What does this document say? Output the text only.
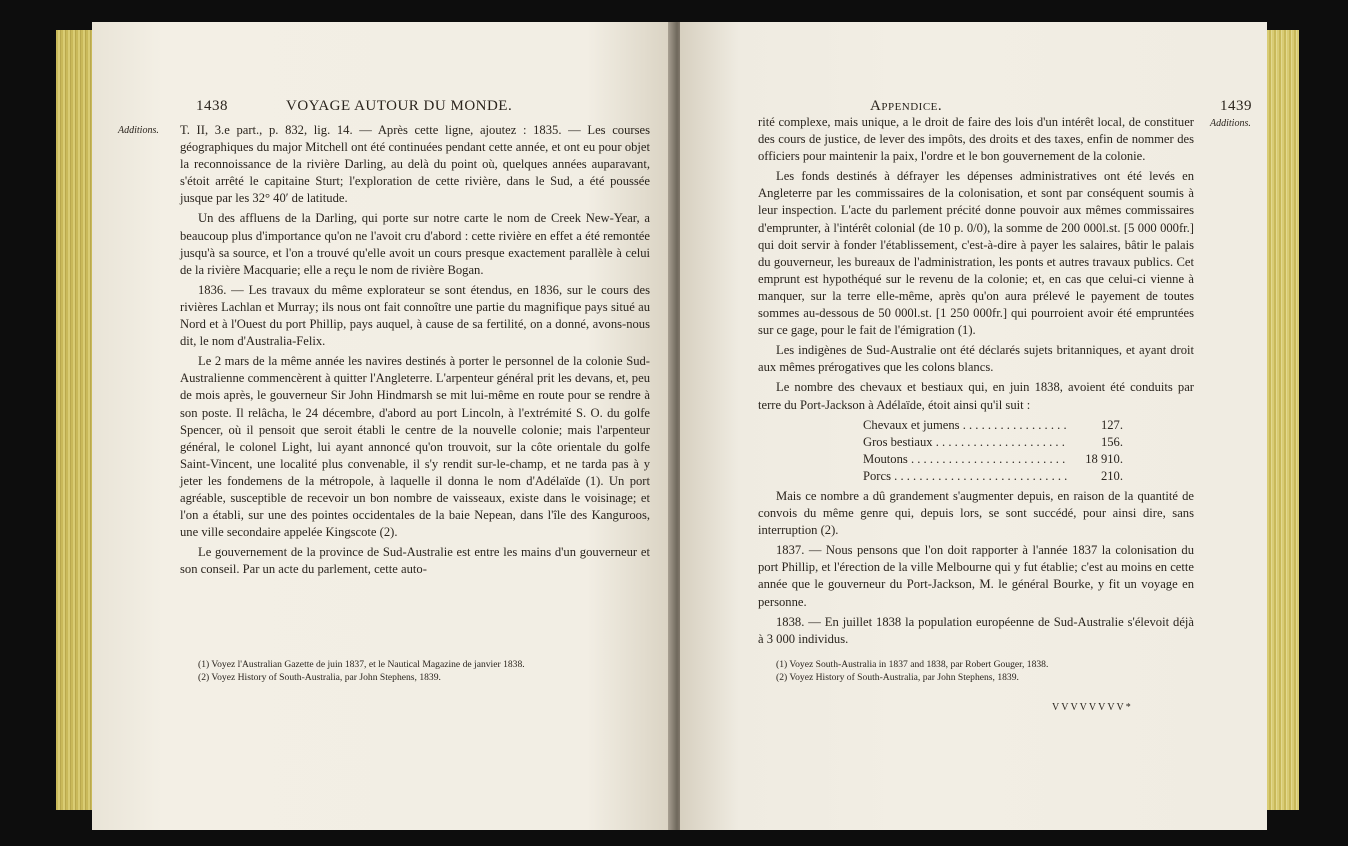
1438	VOYAGE AUTOUR DU MONDE.
Additions. T. II, 3.e part., p. 832, lig. 14. — Après cette ligne, ajoutez : 1835. — Les courses géographiques du major Mitchell ont été continuées pendant cette année, et ont eu pour objet la reconnoissance de la rivière Darling, au delà du point où, quelques années auparavant, s'étoit arrêté le capitaine Sturt; l'exploration de cette rivière, dans le Sud, a été poussée jusque par les 32° 40′ de latitude.

Un des affluens de la Darling, qui porte sur notre carte le nom de Creek New-Year, a beaucoup plus d'importance qu'on ne l'avoit cru d'abord : cette rivière en effet a été remontée jusqu'à sa source, et l'on a trouvé qu'elle avoit un cours presque exactement parallèle à celui de la rivière Macquarie; elle a reçu le nom de rivière Bogan.

1836. — Les travaux du même explorateur se sont étendus, en 1836, sur le cours des rivières Lachlan et Murray; ils nous ont fait connoître une partie du magnifique pays situé au Nord et à l'Ouest du port Phillip, pays auquel, à cause de sa fertilité, on a donné, avons-nous dit, le nom d'Australia-Felix.

Le 2 mars de la même année les navires destinés à porter le personnel de la colonie Sud-Australienne commencèrent à quitter l'Angleterre. L'arpenteur général prit les devans, et, peu de mois après, le gouverneur Sir John Hindmarsh se mit lui-même en route pour se rendre à son poste. Il relâcha, le 24 décembre, d'abord au port Lincoln, à l'extrémité S. O. du golfe Spencer, où il pensoit que seroit établi le centre de la nouvelle colonie; mais l'arpenteur général, le colonel Light, lui ayant annoncé qu'on trouvoit, sur la côte orientale du golfe Saint-Vincent, une localité plus convenable, il s'y rendit sur-le-champ, et ne tarda pas à y jeter les fondemens de la métropole, à laquelle il donna le nom d'Adélaïde (1). Un port agréable, susceptible de recevoir un bon nombre de vaisseaux, existe dans le voisinage; et l'on a établi, sur une des pointes occidentales de la baie Nepean, dans l'île des Kanguroos, une ville secondaire appelée Kingscote (2).

Le gouvernement de la province de Sud-Australie est entre les mains d'un gouverneur et son conseil. Par un acte du parlement, cette auto-

(1) Voyez l'Australian Gazette de juin 1837, et le Nautical Magazine de janvier 1838.
(2) Voyez History of South-Australia, par John Stephens, 1839.
Appendice.	1439
Additions.

rité complexe, mais unique, a le droit de faire des lois d'un intérêt local, de constituer des cours de justice, de lever des impôts, des droits et des taxes, enfin de nommer des officiers pour maintenir la paix, l'ordre et le bon gouvernement de la colonie.

Les fonds destinés à défrayer les dépenses administratives ont été levés en Angleterre par les commissaires de la colonisation, et sont par conséquent soumis à leur inspection. L'acte du parlement précité donne pouvoir aux mêmes commissaires d'emprunter, à l'intérêt colonial (de 10 p. 0/0), la somme de 200 000l.st. [5 000 000fr.] qui doit servir à fonder l'établissement, c'est-à-dire à payer les salaires, bâtir le palais du gouverneur, les bureaux de l'administration, les ponts et autres travaux publics. Cet emprunt est hypothéqué sur le revenu de la colonie; et, en cas que celui-ci vienne à manquer, sur la terre elle-même, après qu'on aura prélevé le payement de toutes sommes au-dessous de 50 000l.st. [1 250 000fr.] qui pourroient avoir été empruntées sur ce gage, pour le fait de l'émigration (1).

Les indigènes de Sud-Australie ont été déclarés sujets britanniques, et ayant droit aux mêmes prérogatives que les colons blancs.

Le nombre des chevaux et bestiaux qui, en juin 1838, avoient été conduits par terre du Port-Jackson à Adélaïde, étoit ainsi qu'il suit :

Chevaux et jumens . . .	127.
Gros bestiaux . . .	156.
Moutons . . .	18 910.
Porcs . . .	210.

Mais ce nombre a dû grandement s'augmenter depuis, en raison de la quantité de convois du même genre qui, depuis lors, se sont succédé, pour ainsi dire, sans interruption (2).

1837. — Nous pensons que l'on doit rapporter à l'année 1837 la colonisation du port Phillip, et l'érection de la ville Melbourne qui y fut établie; c'est au moins en cette année que le gouverneur du Port-Jackson, M. le général Bourke, y fit un voyage en personne.

1838. — En juillet 1838 la population européenne de Sud-Australie s'élevoit déjà à 3 000 individus.

(1) Voyez South-Australia in 1837 and 1838, par Robert Gouger, 1838.
(2) Voyez History of South-Australia, par John Stephens, 1839.
VVVVVVVV*
